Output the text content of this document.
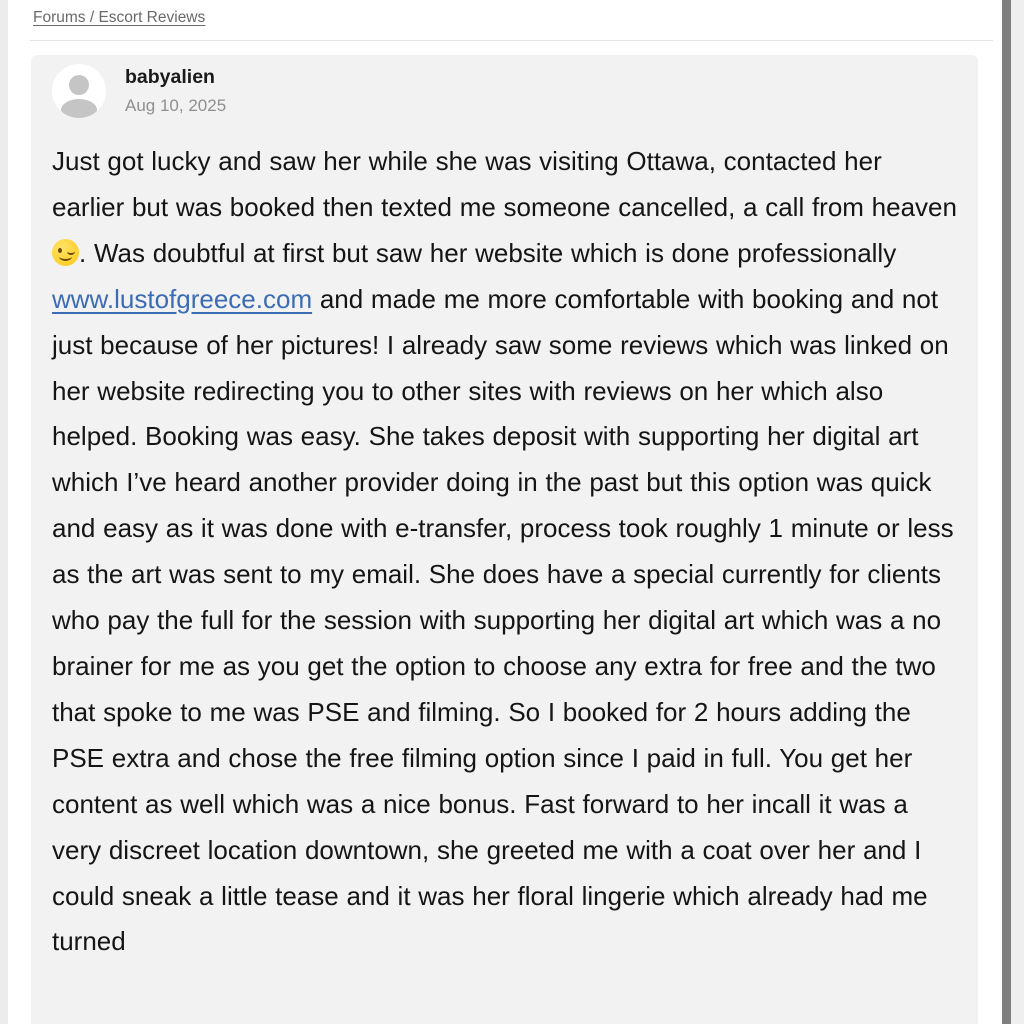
Forums / Escort Reviews
babyalien
Aug 10, 2025
Just got lucky and saw her while she was visiting Ottawa, contacted her earlier but was booked then texted me someone cancelled, a call from heaven
. Was doubtful at first but saw her website which is done professionally www.lustofgreece.com and made me more comfortable with booking and not just because of her pictures! I already saw some reviews which was linked on her website redirecting you to other sites with reviews on her which also helped. Booking was easy. She takes deposit with supporting her digital art which I’ve heard another provider doing in the past but this option was quick and easy as it was done with e-transfer, process took roughly 1 minute or less as the art was sent to my email. She does have a special currently for clients who pay the full for the session with supporting her digital art which was a no brainer for me as you get the option to choose any extra for free and the two that spoke to me was PSE and filming. So I booked for 2 hours adding the PSE extra and chose the free filming option since I paid in full. You get her content as well which was a nice bonus. Fast forward to her incall it was a very discreet location downtown, she greeted me with a coat over her and I could sneak a little tease and it was her floral lingerie which already had me turned
